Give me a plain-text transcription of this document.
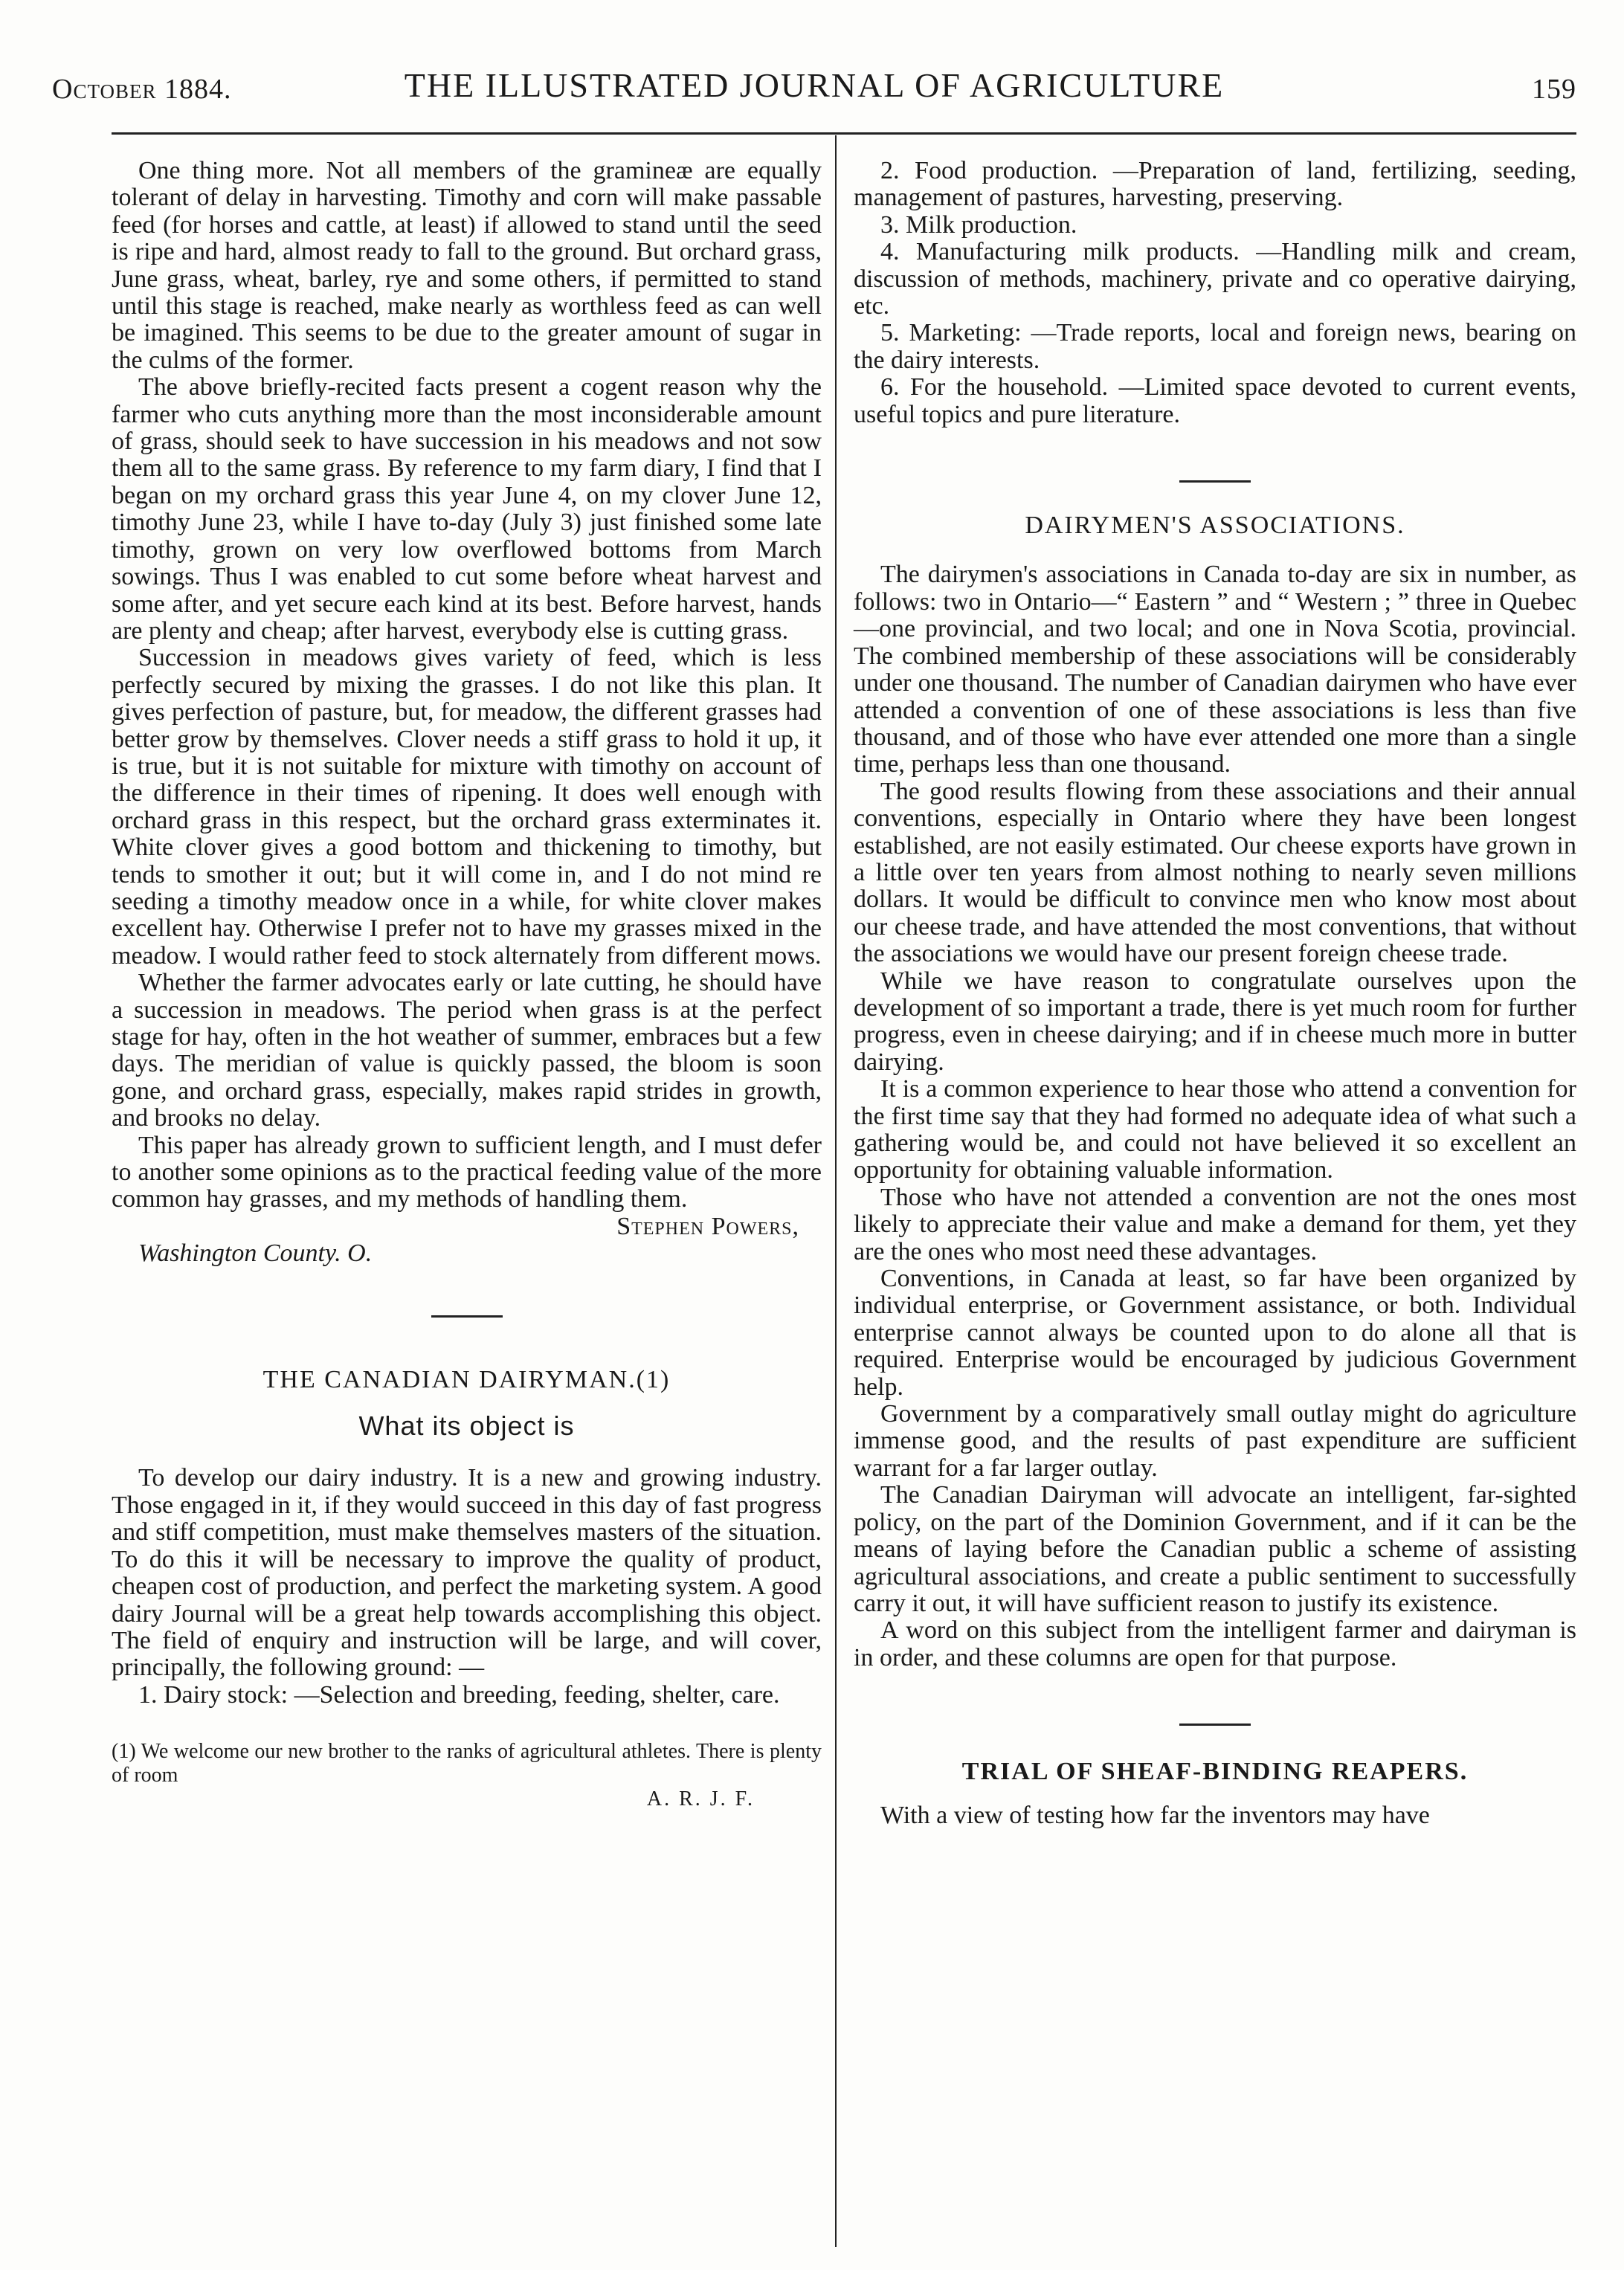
October 1884.	THE ILLUSTRATED JOURNAL OF AGRICULTURE	159

One thing more. Not all members of the gramineæ are equally tolerant of delay in harvesting. Timothy and corn will make passable feed (for horses and cattle, at least) if allowed to stand until the seed is ripe and hard, almost ready to fall to the ground. But orchard grass, June grass, wheat, barley, rye and some others, if permitted to stand until this stage is reached, make nearly as worthless feed as can well be imagined. This seems to be due to the greater amount of sugar in the culms of the former.

The above briefly-recited facts present a cogent reason why the farmer who cuts anything more than the most inconsiderable amount of grass, should seek to have succession in his meadows and not sow them all to the same grass. By reference to my farm diary, I find that I began on my orchard grass this year June 4, on my clover June 12, timothy June 23, while I have to-day (July 3) just finished some late timothy, grown on very low overflowed bottoms from March sowings. Thus I was enabled to cut some before wheat harvest and some after, and yet secure each kind at its best. Before harvest, hands are plenty and cheap; after harvest, everybody else is cutting grass.

Succession in meadows gives variety of feed, which is less perfectly secured by mixing the grasses. I do not like this plan. It gives perfection of pasture, but, for meadow, the different grasses had better grow by themselves. Clover needs a stiff grass to hold it up, it is true, but it is not suitable for mixture with timothy on account of the difference in their times of ripening. It does well enough with orchard grass in this respect, but the orchard grass exterminates it. White clover gives a good bottom and thickening to timothy, but tends to smother it out; but it will come in, and I do not mind re seeding a timothy meadow once in a while, for white clover makes excellent hay. Otherwise I prefer not to have my grasses mixed in the meadow. I would rather feed to stock alternately from different mows.

Whether the farmer advocates early or late cutting, he should have a succession in meadows. The period when grass is at the perfect stage for hay, often in the hot weather of summer, embraces but a few days. The meridian of value is quickly passed, the bloom is soon gone, and orchard grass, especially, makes rapid strides in growth, and brooks no delay.

This paper has already grown to sufficient length, and I must defer to another some opinions as to the practical feeding value of the more common hay grasses, and my methods of handling them.

Stephen Powers,
Washington County. O.
THE CANADIAN DAIRYMAN.(1)
What its object is

To develop our dairy industry. It is a new and growing industry. Those engaged in it, if they would succeed in this day of fast progress and stiff competition, must make themselves masters of the situation. To do this it will be necessary to improve the quality of product, cheapen cost of production, and perfect the marketing system. A good dairy Journal will be a great help towards accomplishing this object. The field of enquiry and instruction will be large, and will cover, principally, the following ground: —

1. Dairy stock: —Selection and breeding, feeding, shelter, care.

(1) We welcome our new brother to the ranks of agricultural athletes. There is plenty of room

A. R. J. F.

2. Food production. —Preparation of land, fertilizing, seeding, management of pastures, harvesting, preserving.

3. Milk production.

4. Manufacturing milk products. —Handling milk and cream, discussion of methods, machinery, private and co operative dairying, etc.

5. Marketing: —Trade reports, local and foreign news, bearing on the dairy interests.

6. For the household. —Limited space devoted to current events, useful topics and pure literature.

DAIRYMEN'S ASSOCIATIONS.

The dairymen's associations in Canada to-day are six in number, as follows: two in Ontario—“ Eastern ” and “ Western ; ” three in Quebec—one provincial, and two local; and one in Nova Scotia, provincial. The combined membership of these associations will be considerably under one thousand. The number of Canadian dairymen who have ever attended a convention of one of these associations is less than five thousand, and of those who have ever attended one more than a single time, perhaps less than one thousand.

The good results flowing from these associations and their annual conventions, especially in Ontario where they have been longest established, are not easily estimated. Our cheese exports have grown in a little over ten years from almost nothing to nearly seven millions dollars. It would be difficult to convince men who know most about our cheese trade, and have attended the most conventions, that without the associations we would have our present foreign cheese trade.

While we have reason to congratulate ourselves upon the development of so important a trade, there is yet much room for further progress, even in cheese dairying; and if in cheese much more in butter dairying.

It is a common experience to hear those who attend a convention for the first time say that they had formed no adequate idea of what such a gathering would be, and could not have believed it so excellent an opportunity for obtaining valuable information.

Those who have not attended a convention are not the ones most likely to appreciate their value and make a demand for them, yet they are the ones who most need these advantages.

Conventions, in Canada at least, so far have been organized by individual enterprise, or Government assistance, or both. Individual enterprise cannot always be counted upon to do alone all that is required. Enterprise would be encouraged by judicious Government help.

Government by a comparatively small outlay might do agriculture immense good, and the results of past expenditure are sufficient warrant for a far larger outlay.

The Canadian Dairyman will advocate an intelligent, far-sighted policy, on the part of the Dominion Government, and if it can be the means of laying before the Canadian public a scheme of assisting agricultural associations, and create a public sentiment to successfully carry it out, it will have sufficient reason to justify its existence.

A word on this subject from the intelligent farmer and dairyman is in order, and these columns are open for that purpose.

TRIAL OF SHEAF-BINDING REAPERS.

With a view of testing how far the inventors may have
